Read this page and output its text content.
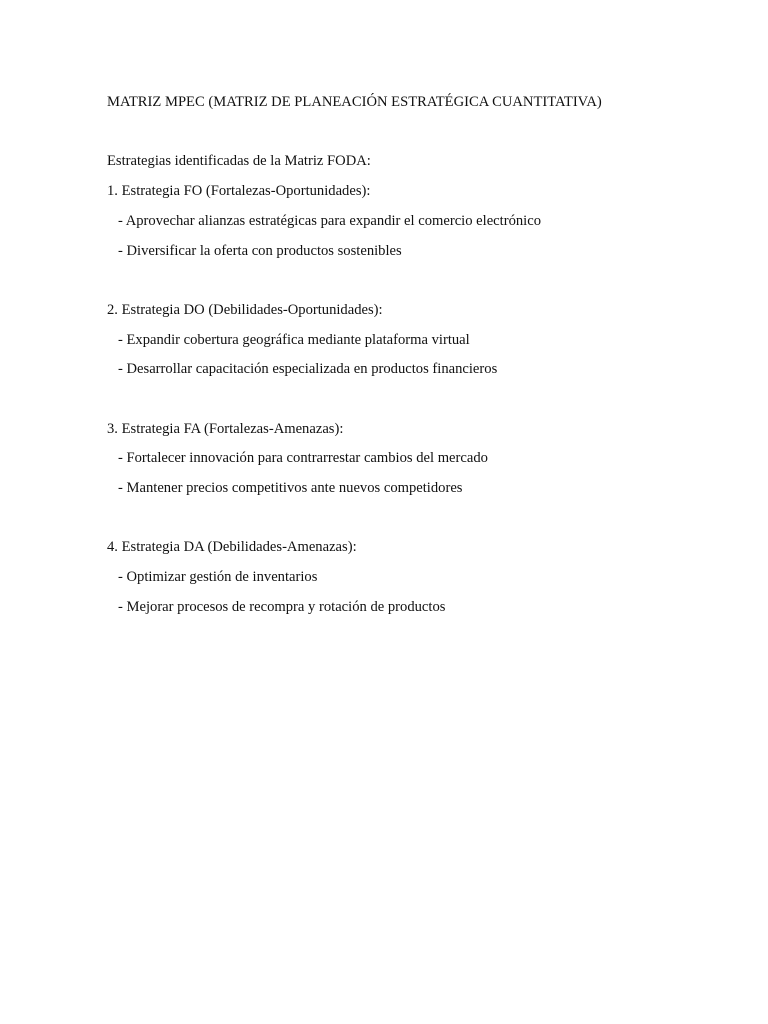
MATRIZ MPEC (MATRIZ DE PLANEACIÓN ESTRATÉGICA CUANTITATIVA)

Estrategias identificadas de la Matriz FODA:

1. Estrategia FO (Fortalezas-Oportunidades):

- Aprovechar alianzas estratégicas para expandir el comercio electrónico

- Diversificar la oferta con productos sostenibles

2. Estrategia DO (Debilidades-Oportunidades):

- Expandir cobertura geográfica mediante plataforma virtual

- Desarrollar capacitación especializada en productos financieros

3. Estrategia FA (Fortalezas-Amenazas):

- Fortalecer innovación para contrarrestar cambios del mercado

- Mantener precios competitivos ante nuevos competidores

4. Estrategia DA (Debilidades-Amenazas):

- Optimizar gestión de inventarios

- Mejorar procesos de recompra y rotación de productos
